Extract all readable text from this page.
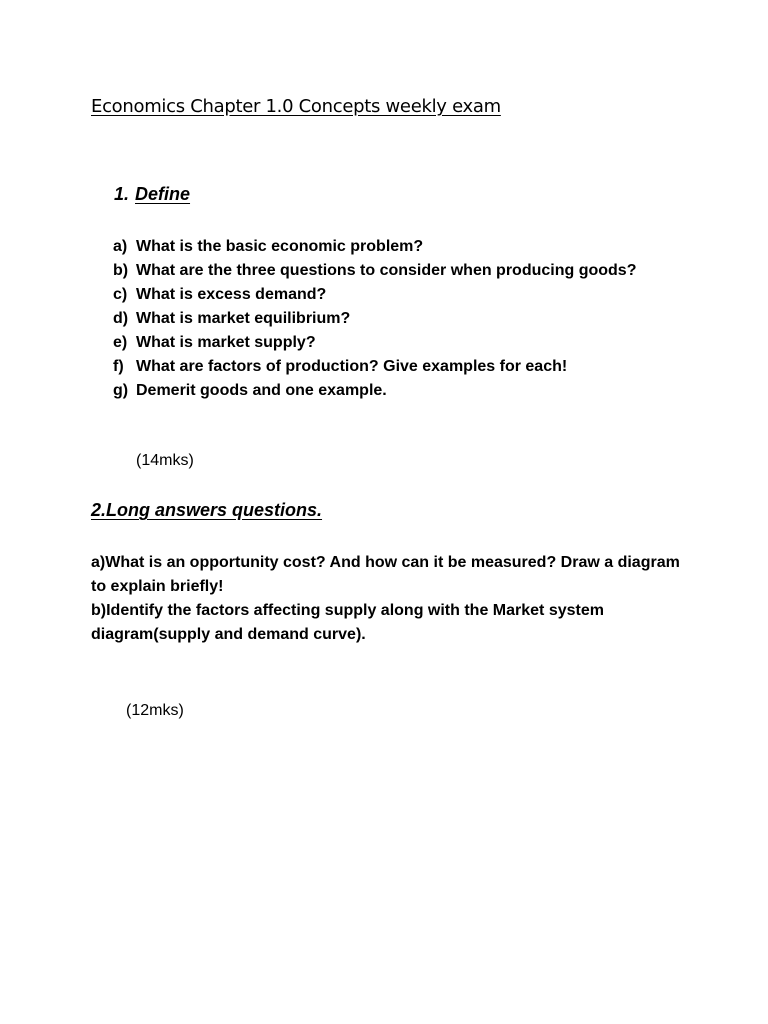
Economics Chapter 1.0 Concepts weekly exam
1. Define
a) What is the basic economic problem?
b) What are the three questions to consider when producing goods?
c) What is excess demand?
d) What is market equilibrium?
e) What is market supply?
f) What are factors of production? Give examples for each!
g) Demerit goods and one example.
(14mks)
2.Long answers questions.

a)What is an opportunity cost? And how can it be measured? Draw a diagram to explain briefly!

b)Identify the factors affecting supply along with the Market system diagram(supply and demand curve).

(12mks)
